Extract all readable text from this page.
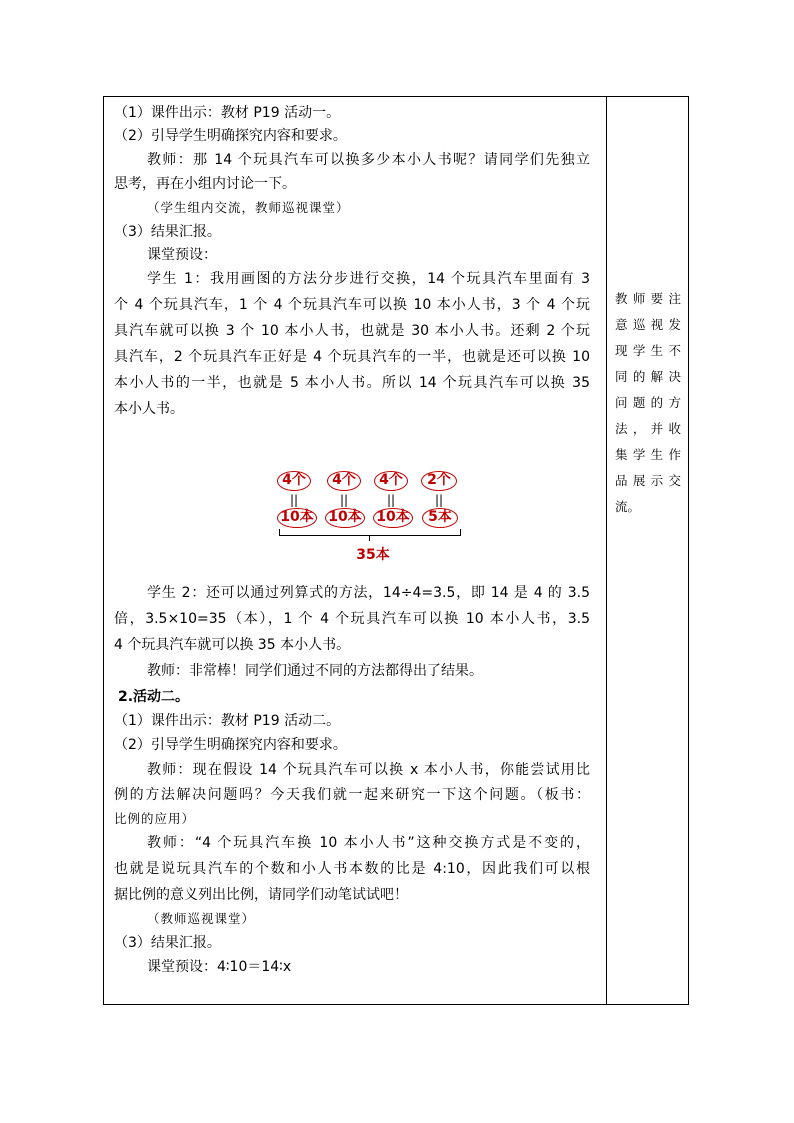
（1）课件出示：教材 P19 活动一。
（2）引导学生明确探究内容和要求。
教师：那 14 个玩具汽车可以换多少本小人书呢？请同学们先独立
思考，再在小组内讨论一下。
（学生组内交流，教师巡视课堂）
（3）结果汇报。
课堂预设：
学生 1：我用画图的方法分步进行交换，14 个玩具汽车里面有 3
个 4 个玩具汽车，1 个 4 个玩具汽车可以换 10 本小人书，3 个 4 个玩
具汽车就可以换 3 个 10 本小人书，也就是 30 本小人书。还剩 2 个玩
具汽车，2 个玩具汽车正好是 4 个玩具汽车的一半，也就是还可以换 10
本小人书的一半，也就是 5 本小人书。所以 14 个玩具汽车可以换 35
本小人书。
4个	4个	4个	2个
||	||	||	||
10本 10本 10本	5本
35本
学生 2：还可以通过列算式的方法，14÷4=3.5，即 14 是 4 的 3.5
倍，3.5×10=35（本），1 个 4 个玩具汽车可以换 10 本小人书，3.5
4 个玩具汽车就可以换 35 本小人书。
教师：非常棒！同学们通过不同的方法都得出了结果。
2.活动二。
（1）课件出示：教材 P19 活动二。
（2）引导学生明确探究内容和要求。
教师：现在假设 14 个玩具汽车可以换 x 本小人书，你能尝试用比
例的方法解决问题吗？今天我们就一起来研究一下这个问题。（板书：
比例的应用）
教师：“4 个玩具汽车换 10 本小人书”这种交换方式是不变的，
也就是说玩具汽车的个数和小人书本数的比是 4:10，因此我们可以根
据比例的意义列出比例，请同学们动笔试试吧！
（教师巡视课堂）
（3）结果汇报。
课堂预设：4∶10＝14∶x
教师要注
意巡视发
现学生不
同的解决
问题的方
法，并收
集学生作
品展示交
流。
